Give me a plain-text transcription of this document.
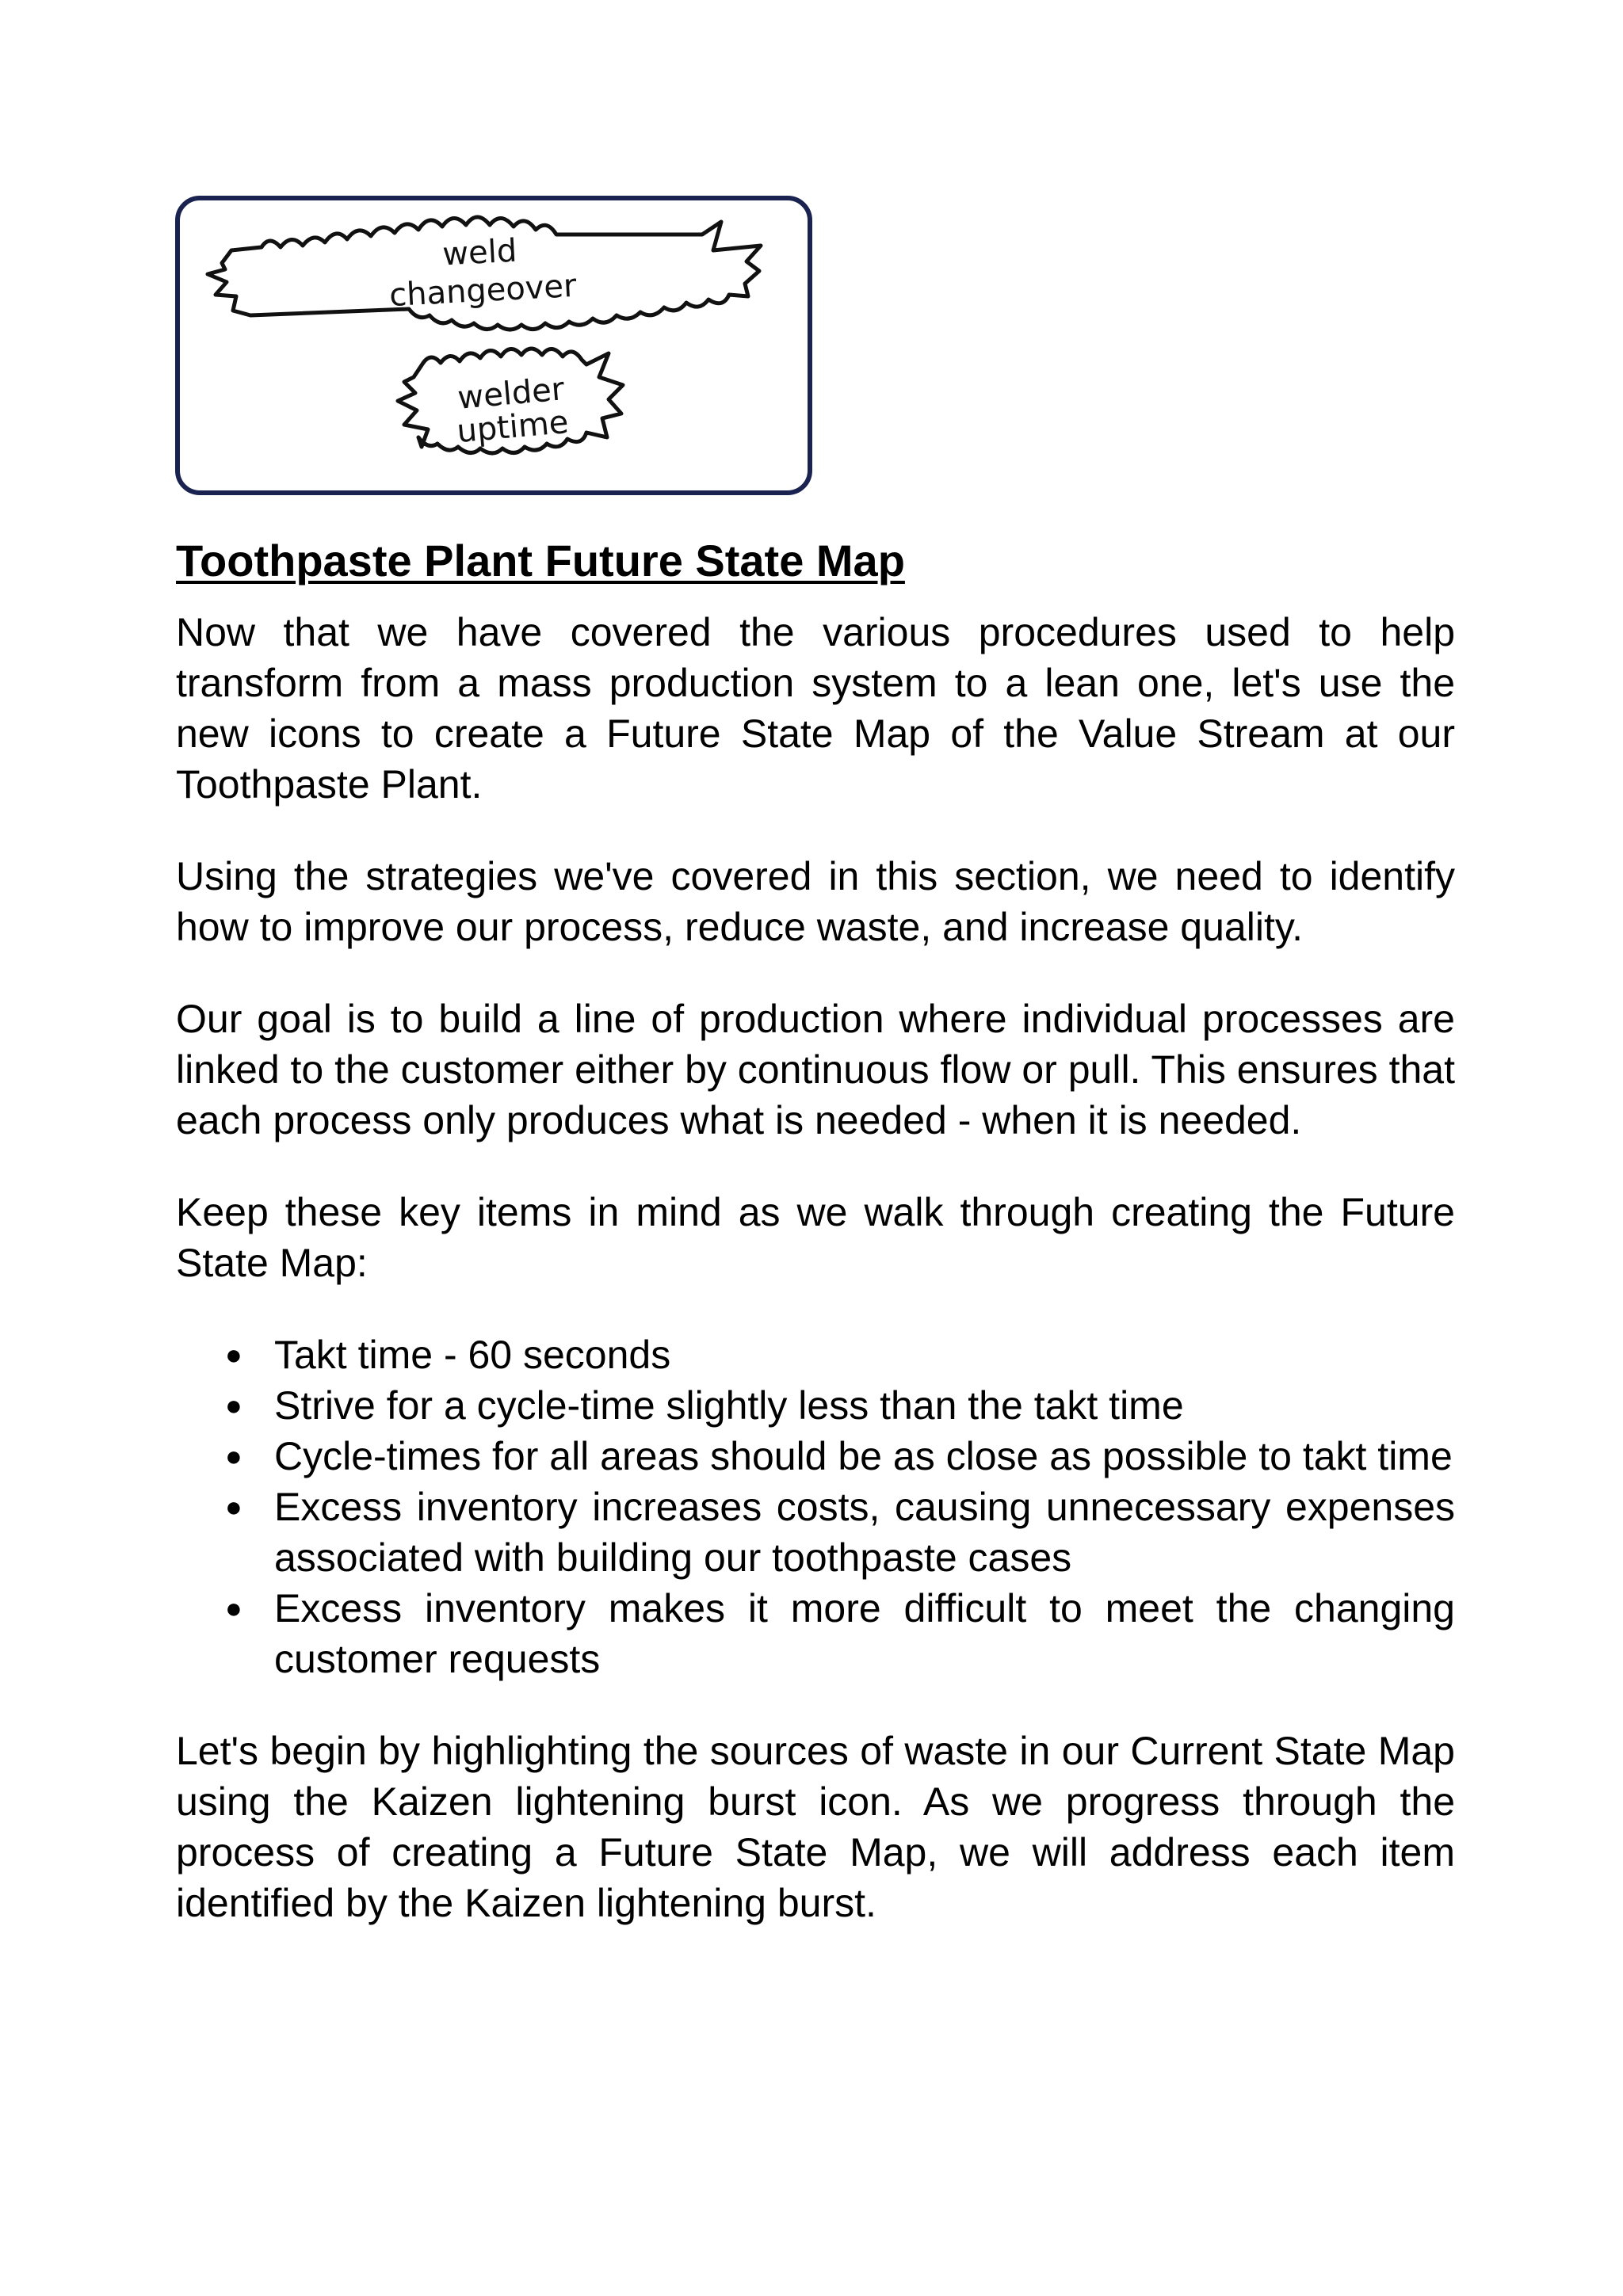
weld
changeover
welder
uptime
Toothpaste Plant Future State Map

Now that we have covered the various procedures used to help transform from a mass production system to a lean one, let's use the new icons to create a Future State Map of the Value Stream at our Toothpaste Plant.

Using the strategies we've covered in this section, we need to identify how to improve our process, reduce waste, and increase quality.

Our goal is to build a line of production where individual processes are linked to the customer either by continuous flow or pull. This ensures that each process only produces what is needed - when it is needed.

Keep these key items in mind as we walk through creating the Future State Map:

● Takt time - 60 seconds
● Strive for a cycle-time slightly less than the takt time
● Cycle-times for all areas should be as close as possible to takt time
● Excess inventory increases costs, causing unnecessary expenses associated with building our toothpaste cases
● Excess inventory makes it more difficult to meet the changing customer requests

Let's begin by highlighting the sources of waste in our Current State Map using the Kaizen lightening burst icon. As we progress through the process of creating a Future State Map, we will address each item identified by the Kaizen lightening burst.
